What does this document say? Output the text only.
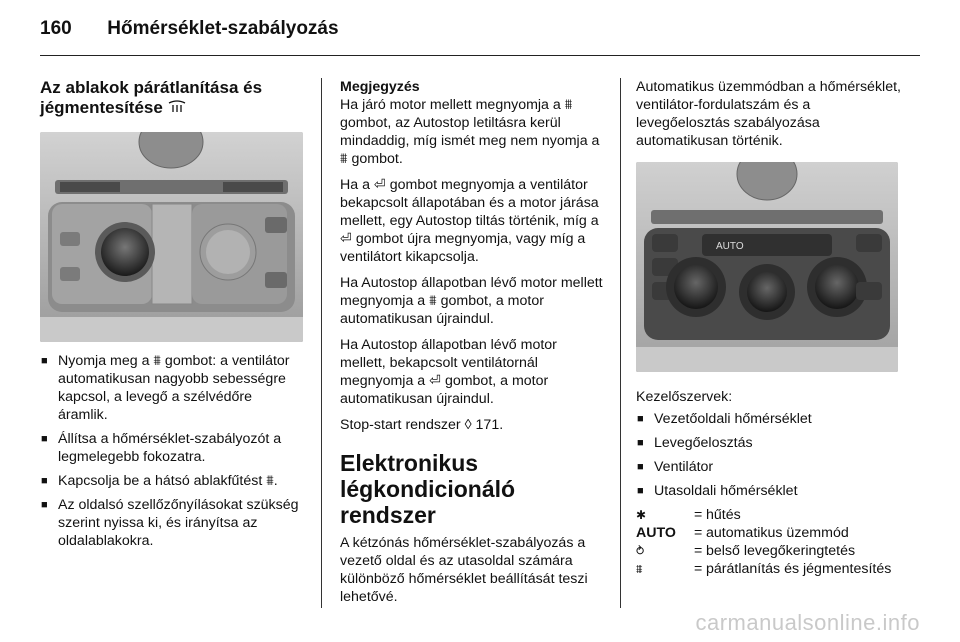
160 Hőmérséklet-szabályozás
Az ablakok párátlanítása és jégmentesítése
■ Nyomja meg a ⩩ gombot: a ventilátor automatikusan nagyobb sebességre kapcsol, a levegő a szélvédőre áramlik.
■ Állítsa a hőmérséklet-szabályozót a legmelegebb fokozatra.
■ Kapcsolja be a hátsó ablakfűtést ⩩.
■ Az oldalsó szellőzőnyílásokat szükség szerint nyissa ki, és irányítsa az oldalablakokra.
Megjegyzés

Ha járó motor mellett megnyomja a ⩩ gombot, az Autostop letiltásra kerül mindaddig, míg ismét meg nem nyomja a ⩩ gombot.

Ha a ⏎ gombot megnyomja a ventilátor bekapcsolt állapotában és a motor járása mellett, egy Autostop tiltás történik, míg a ⏎ gombot újra megnyomja, vagy míg a ventilátort kikapcsolja.

Ha Autostop állapotban lévő motor mellett megnyomja a ⩩ gombot, a motor automatikusan újraindul.

Ha Autostop állapotban lévő motor mellett, bekapcsolt ventilátornál megnyomja a ⏎ gombot, a motor automatikusan újraindul.

Stop-start rendszer ◊ 171.

Elektronikus légkondicionáló rendszer

A kétzónás hőmérséklet-szabályozás a vezető oldal és az utasoldal számára különböző hőmérséklet beállítását teszi lehetővé.

Automatikus üzemmódban a hőmérséklet, ventilátor-fordulatszám és a levegőelosztás szabályozása automatikusan történik.

AUTO
Kezelőszervek:
■ Vezetőoldali hőmérséklet
■ Levegőelosztás
■ Ventilátor
■ Utasoldali hőmérséklet
✱	= hűtés
AUTO	= automatikus üzemmód
⥁	= belső levegőkeringtetés
⩩	= párátlanítás és jégmentesítés
carmanualsonline.info
